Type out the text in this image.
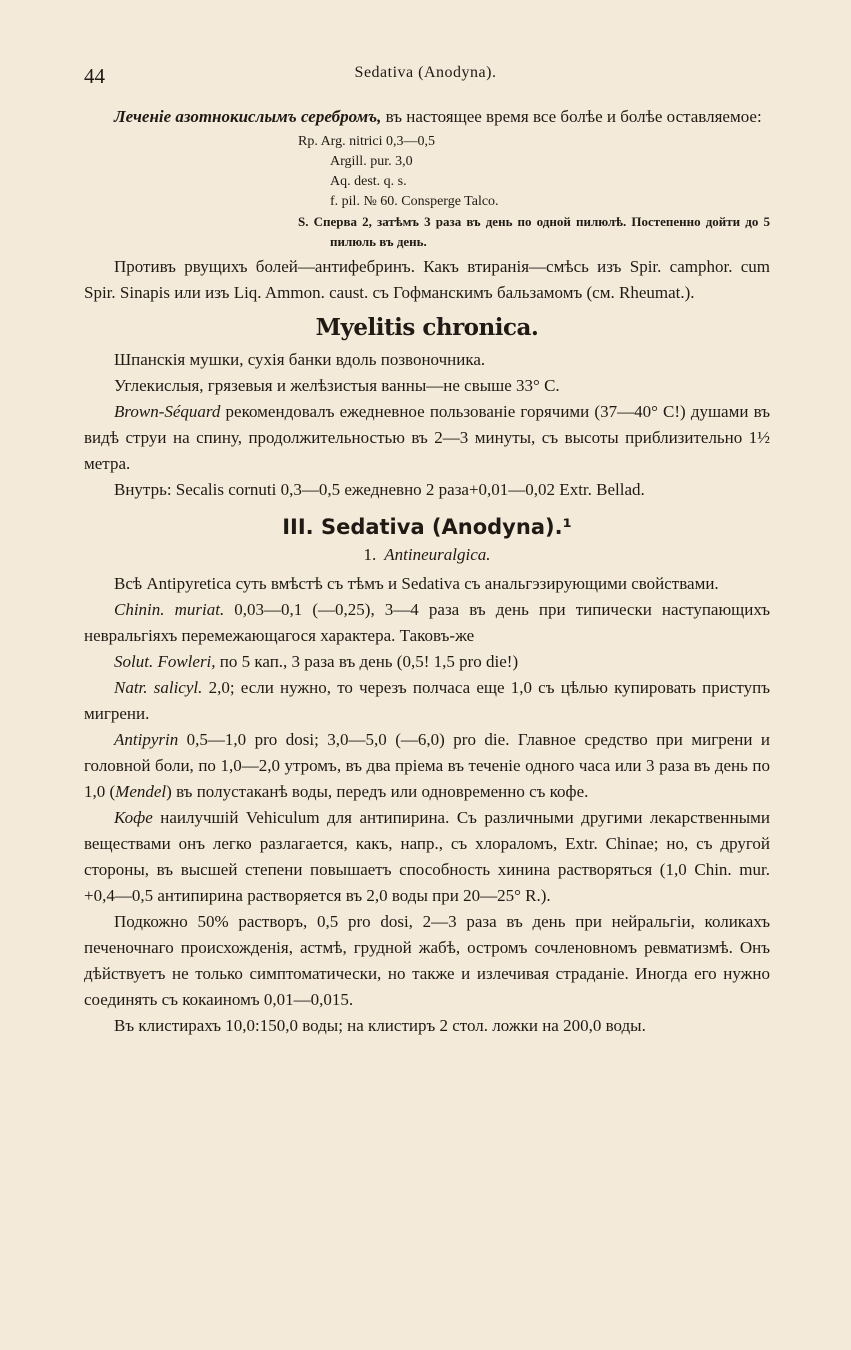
44	Sedativa (Anodyna).

Леченіе азотнокислымъ серебромъ, въ настоящее время все болѣе и болѣе оставляемое:

Rp. Arg. nitrici 0,3—0,5
Argill. pur. 3,0
Aq. dest. q. s.
f. pil. № 60. Consperge Talco.
S. Сперва 2, затѣмъ 3 раза въ день по одной пилюлѣ. Постепенно дойти до 5 пилюль въ день.

Противъ рвущихъ болей—антифебринъ. Какъ втиранія—смѣсь изъ Spir. camphor. cum Spir. Sinapis или изъ Liq. Ammon. caust. съ Гофманскимъ бальзамомъ (см. Rheumat.).

Myelitis chronica.

Шпанскія мушки, сухія банки вдоль позвоночника.

Углекислыя, грязевыя и желѣзистыя ванны—не свыше 33° С.

Brown-Séquard рекомендовалъ ежедневное пользованіе горячими (37—40° С!) душами въ видѣ струи на спину, продолжительностью въ 2—3 минуты, съ высоты приблизительно 1½ метра.

Внутрь: Secalis cornuti 0,3—0,5 ежедневно 2 раза+0,01—0,02 Extr. Bellad.

III. Sedativa (Anodyna).¹
1. Antineuralgica.

Всѣ Antipyretica суть вмѣстѣ съ тѣмъ и Sedativa съ анальгэзирующими свойствами.

Chinin. muriat. 0,03—0,1 (—0,25), 3—4 раза въ день при типически наступающихъ невральгіяхъ перемежающагося характера. Таковъ-же

Solut. Fowleri, по 5 кап., 3 раза въ день (0,5! 1,5 pro die!)

Natr. salicyl. 2,0; если нужно, то черезъ полчаса еще 1,0 съ цѣлью купировать приступъ мигрени.

Antipyrin 0,5—1,0 pro dosi; 3,0—5,0 (—6,0) pro die. Главное средство при мигрени и головной боли, по 1,0—2,0 утромъ, въ два пріема въ теченіе одного часа или 3 раза въ день по 1,0 (Mendel) въ полустаканѣ воды, передъ или одновременно съ кофе.

Кофе наилучшій Vehiculum для антипирина. Съ различными другими лекарственными веществами онъ легко разлагается, какъ, напр., съ хлораломъ, Extr. Chinae; но, съ другой стороны, въ высшей степени повышаетъ способность хинина растворяться (1,0 Chin. mur. +0,4—0,5 антипирина растворяется въ 2,0 воды при 20—25° R.).

Подкожно 50% растворъ, 0,5 pro dosi, 2—3 раза въ день при нейральгіи, коликахъ печеночнаго происхожденія, астмѣ, грудной жабѣ, остромъ сочленовномъ ревматизмѣ. Онъ дѣйствуетъ не только симптоматически, но также и излечивая страданіе. Иногда его нужно соединять съ кокаиномъ 0,01—0,015.

Въ клистирахъ 10,0:150,0 воды; на клистиръ 2 стол. ложки на 200,0 воды.
